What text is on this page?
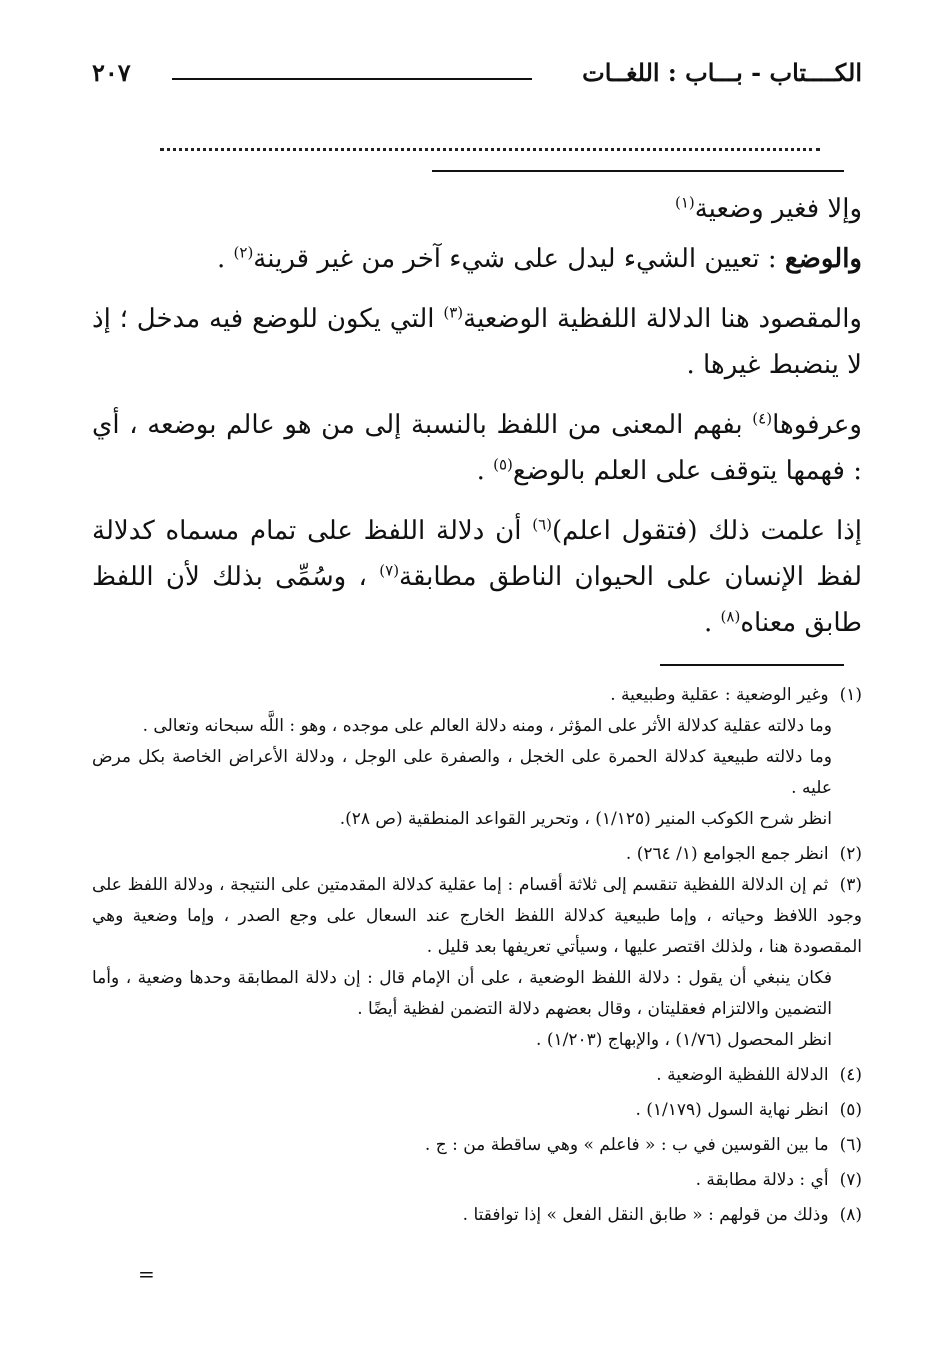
الكــــتاب - بـــاب : اللغــات
٢٠٧

وإلا فغير وضعية$^{(١)}$

والوضع : تعيين الشيء ليدل على شيء آخر من غير قرينة$^{(٢)}$ .

والمقصود هنا الدلالة اللفظية الوضعية$^{(٣)}$ التي يكون للوضع فيه مدخل ؛ إذ لا ينضبط غيرها .

وعرفوها$^{(٤)}$ بفهم المعنى من اللفظ بالنسبة إلى من هو عالم بوضعه ، أي : فهمها يتوقف على العلم بالوضع$^{(٥)}$ .

إذا علمت ذلك (فتقول اعلم)$^{(٦)}$ أن دلالة اللفظ على تمام مسماه كدلالة لفظ الإنسان على الحيوان الناطق مطابقة$^{(٧)}$ ، وسُمِّى بذلك لأن اللفظ طابق معناه$^{(٨)}$ .

(١) وغير الوضعية : عقلية وطبيعية .

وما دلالته عقلية كدلالة الأثر على المؤثر ، ومنه دلالة العالم على موجده ، وهو : اللَّه سبحانه وتعالى .

وما دلالته طبيعية كدلالة الحمرة على الخجل ، والصفرة على الوجل ، ودلالة الأعراض الخاصة بكل مرض عليه .

انظر شرح الكوكب المنير (١/١٢٥) ، وتحرير القواعد المنطقية (ص ٢٨).

(٢) انظر جمع الجوامع (١/ ٢٦٤) .

(٣) ثم إن الدلالة اللفظية تنقسم إلى ثلاثة أقسام : إما عقلية كدلالة المقدمتين على النتيجة ، ودلالة اللفظ على وجود اللافظ وحياته ، وإما طبيعية كدلالة اللفظ الخارج عند السعال على وجع الصدر ، وإما وضعية وهي المقصودة هنا ، ولذلك اقتصر عليها ، وسيأتي تعريفها بعد قليل .

فكان ينبغي أن يقول : دلالة اللفظ الوضعية ، على أن الإمام قال : إن دلالة المطابقة وحدها وضعية ، وأما التضمين والالتزام فعقليتان ، وقال بعضهم دلالة التضمن لفظية أيضًا .

انظر المحصول (١/٧٦) ، والإبهاج (١/٢٠٣) .

(٤) الدلالة اللفظية الوضعية .

(٥) انظر نهاية السول (١/١٧٩) .

(٦) ما بين القوسين في ب : « فاعلم » وهي ساقطة من : ج .

(٧) أي : دلالة مطابقة .

(٨) وذلك من قولهم : « طابق النقل الفعل » إذا توافقتا .

=
